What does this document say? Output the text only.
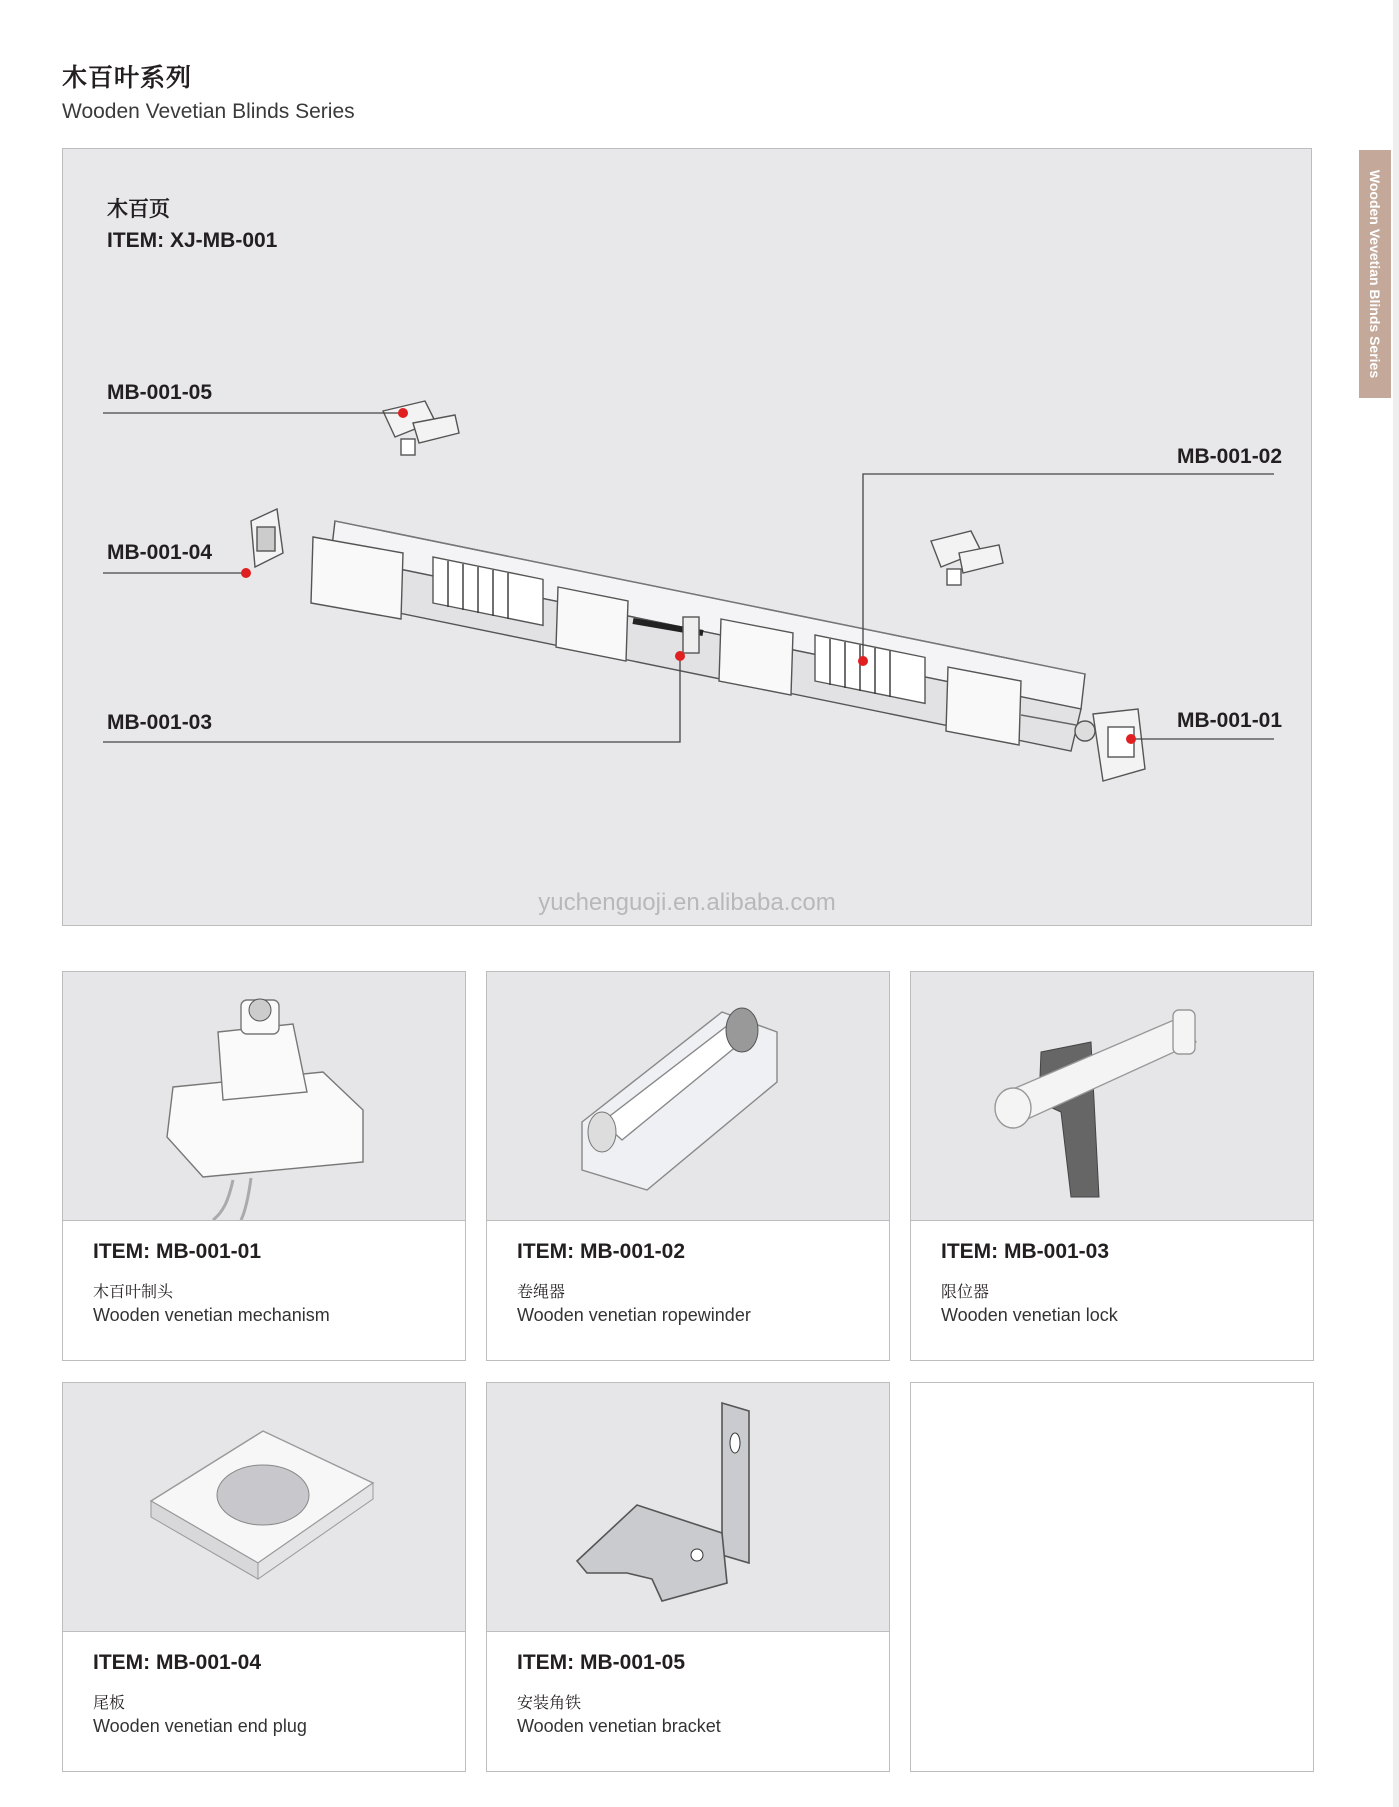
木百叶系列
Wooden Vevetian Blinds Series
Wooden Vevetian Blinds Series
木百页
ITEM: XJ-MB-001
MB-001-05
MB-001-04
MB-001-03
MB-001-02
MB-001-01
yuchenguoji.en.alibaba.com
ITEM: MB-001-01
木百叶制头
Wooden venetian mechanism
ITEM: MB-001-02
卷绳器
Wooden venetian ropewinder
ITEM: MB-001-03
限位器
Wooden venetian lock
ITEM: MB-001-04
尾板
Wooden venetian end plug
ITEM: MB-001-05
安装角铁
Wooden venetian bracket
